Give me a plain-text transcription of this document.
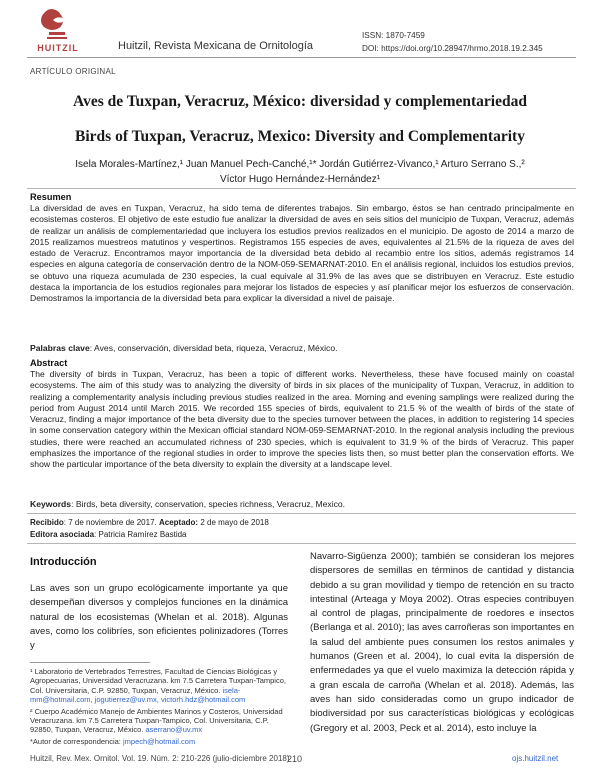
HUITZIL	Huitzil, Revista Mexicana de Ornitología
ISSN: 1870-7459
DOI: https://doi.org/10.28947/hrmo.2018.19.2.345
ARTÍCULO ORIGINAL
Aves de Tuxpan, Veracruz, México: diversidad y complementariedad
Birds of Tuxpan, Veracruz, Mexico: Diversity and Complementarity
Isela Morales-Martínez,¹ Juan Manuel Pech-Canché,¹* Jordán Gutiérrez-Vivanco,¹ Arturo Serrano S.,²
Víctor Hugo Hernández-Hernández¹
Resumen
La diversidad de aves en Tuxpan, Veracruz, ha sido tema de diferentes trabajos. Sin embargo, éstos se han centrado principalmente en ecosistemas costeros. El objetivo de este estudio fue analizar la diversidad de aves en seis sitios del municipio de Tuxpan, Veracruz, además de realizar un análisis de complementariedad que incluyera los estudios previos realizados en el municipio. De agosto de 2014 a marzo de 2015 realizamos muestreos matutinos y vespertinos. Registramos 155 especies de aves, equivalentes al 21.5% de la riqueza de aves del estado de Veracruz. Encontramos mayor importancia de la diversidad beta debido al recambio entre los sitios, además registramos 14 especies en alguna categoría de conservación dentro de la NOM-059-SEMARNAT-2010. En el análisis regional, incluidos los estudios previos, se obtuvo una riqueza acumulada de 230 especies, la cual equivale al 31.9% de las aves que se distribuyen en Veracruz. Este estudio destaca la importancia de los estudios regionales para mejorar los listados de especies y así planificar mejor los esfuerzos de conservación. Demostramos la importancia de la diversidad beta para explicar la diversidad a nivel de paisaje.
Palabras clave: Aves, conservación, diversidad beta, riqueza, Veracruz, México.
Abstract
The diversity of birds in Tuxpan, Veracruz, has been a topic of different works. Nevertheless, these have focused mainly on coastal ecosystems. The aim of this study was to analyzing the diversity of birds in six places of the municipality of Tuxpan, Veracruz, in addition to realizing a complementarity analysis including previous studies realized in the area. Morning and evening samplings were realized during the period from August 2014 until March 2015. We recorded 155 species of birds, equivalent to 21.5 % of the wealth of birds of the state of Veracruz, finding a major importance of the beta diversity due to the species turnover between the places, in addition to registering 14 species in some conservation category within the Mexican official standard NOM-059-SEMARNAT-2010. In the regional analysis including the previous studies, there were reached an accumulated richness of 230 species, which is equivalent to 31.9 % of the birds of Veracruz. This paper emphasizes the importance of the regional studies in order to improve the species lists then, so must better plan the conservation efforts. We show the particular importance of the beta diversity to explain the diversity at a landscape level.
Keywords: Birds, beta diversity, conservation, species richness, Veracruz, Mexico.
Recibido: 7 de noviembre de 2017. Aceptado: 2 de mayo de 2018
Editora asociada: Patricia Ramírez Bastida
Introducción
Las aves son un grupo ecológicamente importante ya que desempeñan diversos y complejos funciones en la dinámica natural de los ecosistemas (Whelan et al. 2018). Algunas aves, como los colibríes, son eficientes polinizadores (Torres y
Navarro-Sigüenza 2000); también se consideran los mejores dispersores de semillas en términos de cantidad y distancia debido a su gran movilidad y tiempo de retención en su tracto intestinal (Arteaga y Moya 2002). Otras especies contribuyen al control de plagas, principalmente de roedores e insectos (Berlanga et al. 2010); las aves carroñeras son importantes en la salud del ambiente pues consumen los restos animales y humanos (Green et al. 2004), lo cual evita la dispersión de enfermedades ya que el vuelo maximiza la detección rápida y a gran escala de carroña (Whelan et al. 2018). Además, las aves han sido consideradas como un grupo indicador de biodiversidad por sus características biológicas y ecológicas (Gregory et al. 2003, Peck et al. 2014), esto incluye la
¹ Laboratorio de Vertebrados Terrestres, Facultad de Ciencias Biológicas y Agropecuarias, Universidad Veracruzana. km 7.5 Carretera Tuxpan-Tampico, Col. Universitaria, C.P. 92850, Tuxpan, Veracruz, México. isela-mm@hotmail.com, jogutierrez@uv.mx, victorh.hdz@hotmail.com
² Cuerpo Académico Manejo de Ambientes Marinos y Costeros, Universidad Veracruzana. km 7.5 Carretera Tuxpan-Tampico, Col. Universitaria, C.P. 92850, Tuxpan, Veracruz, México. aserrano@uv.mx
*Autor de correspondencia: jmpech@hotmail.com
Huitzil, Rev. Mex. Ornitol. Vol. 19. Núm. 2: 210-226 (julio-diciembre 2018)
210	ojs.huitzil.net
